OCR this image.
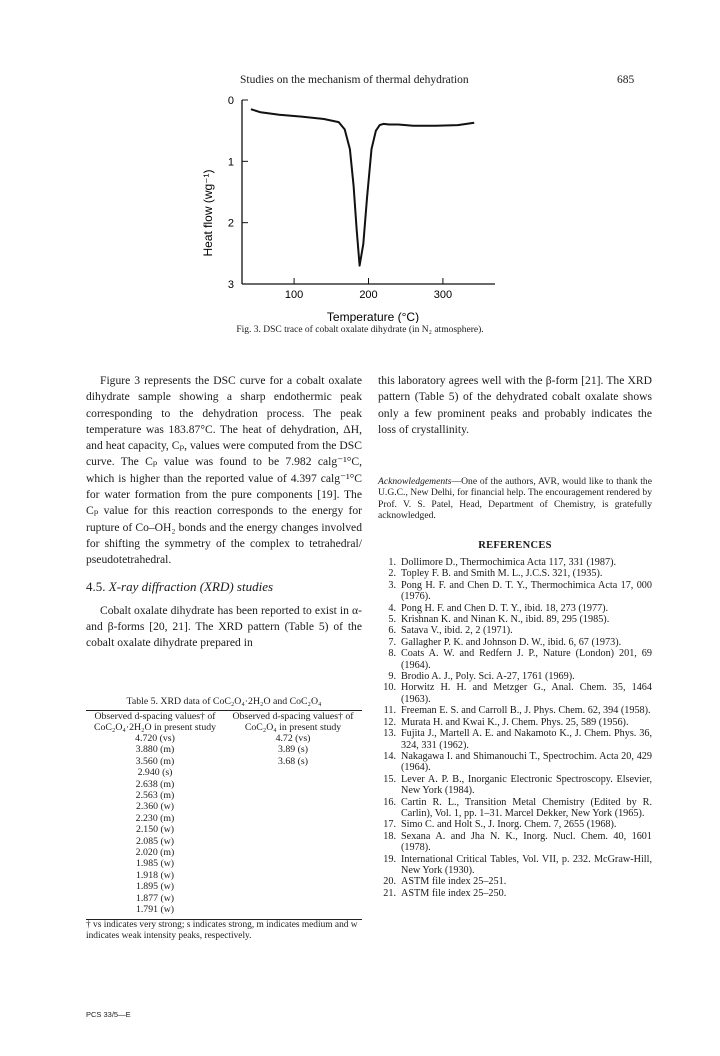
Studies on the mechanism of thermal dehydration	685
0
1
2
3
100	200	300
Heat flow (wg⁻¹)
Temperature (°C)
Fig. 3. DSC trace of cobalt oxalate dihydrate (in N₂ atmosphere).

Figure 3 represents the DSC curve for a cobalt oxalate dihydrate sample showing a sharp endothermic peak corresponding to the dehydration process. The peak temperature was 183.87°C. The heat of dehydration, ΔH, and heat capacity, Cₚ, values were computed from the DSC curve. The Cₚ value was found to be 7.982 calg⁻¹°C, which is higher than the reported value of 4.397 calg⁻¹°C for water formation from the pure components [19]. The Cₚ value for this reaction corresponds to the energy for rupture of Co–OH₂ bonds and the energy changes involved for shifting the symmetry of the complex to tetrahedral/ pseudotetrahedral.

4.5. X-ray diffraction (XRD) studies

Cobalt oxalate dihydrate has been reported to exist in α- and β-forms [20, 21]. The XRD pattern (Table 5) of the cobalt oxalate dihydrate prepared in

Table 5. XRD data of CoC₂O₄·2H₂O and CoC₂O₄
Observed d-spacing values† of CoC₂O₄·2H₂O in present study	Observed d-spacing values† of CoC₂O₄ in present study
4.720 (vs)	4.72 (vs)
3.880 (m)	3.89 (s)
3.560 (m)	3.68 (s)
2.940 (s)	
2.638 (m)	
2.563 (m)	
2.360 (w)	
2.230 (m)	
2.150 (w)	
2.085 (w)	
2.020 (m)	
1.985 (w)	
1.918 (w)	
1.895 (w)	
1.877 (w)	
1.791 (w)	
† vs indicates very strong; s indicates strong, m indicates medium and w indicates weak intensity peaks, respectively.

this laboratory agrees well with the β-form [21]. The XRD pattern (Table 5) of the dehydrated cobalt oxalate shows only a few prominent peaks and probably indicates the loss of crystallinity.

Acknowledgements—One of the authors, AVR, would like to thank the U.G.C., New Delhi, for financial help. The encouragement rendered by Prof. V. S. Patel, Head, Department of Chemistry, is gratefully acknowledged.
REFERENCES
1. Dollimore D., Thermochimica Acta 117, 331 (1987).
2. Topley F. B. and Smith M. L., J.C.S. 321, (1935).
3. Pong H. F. and Chen D. T. Y., Thermochimica Acta 17, 000 (1976).
4. Pong H. F. and Chen D. T. Y., ibid. 18, 273 (1977).
5. Krishnan K. and Ninan K. N., ibid. 89, 295 (1985).
6. Satava V., ibid. 2, 2 (1971).
7. Gallagher P. K. and Johnson D. W., ibid. 6, 67 (1973).
8. Coats A. W. and Redfern J. P., Nature (London) 201, 69 (1964).
9. Brodio A. J., Poly. Sci. A-27, 1761 (1969).
10. Horwitz H. H. and Metzger G., Anal. Chem. 35, 1464 (1963).
11. Freeman E. S. and Carroll B., J. Phys. Chem. 62, 394 (1958).
12. Murata H. and Kwai K., J. Chem. Phys. 25, 589 (1956).
13. Fujita J., Martell A. E. and Nakamoto K., J. Chem. Phys. 36, 324, 331 (1962).
14. Nakagawa I. and Shimanouchi T., Spectrochim. Acta 20, 429 (1964).
15. Lever A. P. B., Inorganic Electronic Spectroscopy. Elsevier, New York (1984).
16. Cartin R. L., Transition Metal Chemistry (Edited by R. Carlin), Vol. 1, pp. 1–31. Marcel Dekker, New York (1965).
17. Simo C. and Holt S., J. Inorg. Chem. 7, 2655 (1968).
18. Sexana A. and Jha N. K., Inorg. Nucl. Chem. 40, 1601 (1978).
19. International Critical Tables, Vol. VII, p. 232. McGraw-Hill, New York (1930).
20. ASTM file index 25–251.
21. ASTM file index 25–250.
PCS 33/5—E
